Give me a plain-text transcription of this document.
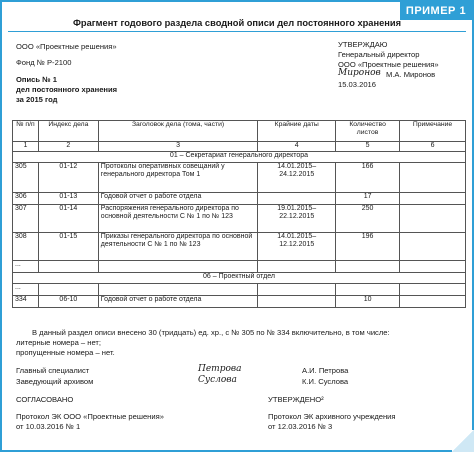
ПРИМЕР 1
Фрагмент годового раздела сводной описи дел постоянного хранения
ООО «Проектные решения»
Фонд № Р-2100
Опись № 1
дел постоянного хранения
за 2015 год
УТВЕРЖДАЮ
Генеральный директор
ООО «Проектные решения»
Миронов М.А. Миронов
15.03.2016
№ п/п	Индекс дела	Заголовок дела (тома, части)	Крайние даты	Количество листов	Примечание
1	2	3	4	5	6
01 – Секретариат генерального директора					
305	01-12	Протоколы оперативных совещаний у генерального директора Том 1	14.01.2015– 24.12.2015	166	
306	01-13	Годовой отчет о работе отдела		17	
307	01-14	Распоряжения генерального директора по основной деятельности С № 1 по № 123	19.01.2015– 22.12.2015	250	
308	01-15	Приказы генерального директора по основной деятельности С № 1 по № 123	14.01.2015– 12.12.2015	196	
...					
06 – Проектный отдел					
...					
334	06-10	Годовой отчет о работе отдела		10	
В данный раздел описи внесено 30 (тридцать) ед. хр., с № 305 по № 334 включительно, в том числе:
литерные номера – нет;
пропущенные номера – нет.
Главный специалист	Петрова	А.И. Петрова
Заведующий архивом	Суслова	К.И. Суслова
СОГЛАСОВАНО	УТВЕРЖДЕНО²
Протокол ЭК ООО «Проектные решения»
от 10.03.2016 № 1
Протокол ЭК архивного учреждения
от 12.03.2016 № 3
